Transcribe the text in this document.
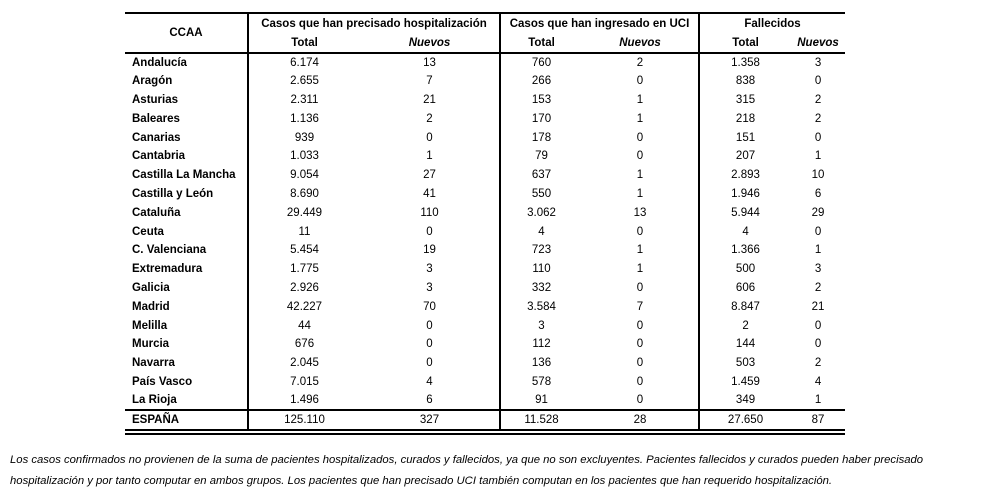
CCAA	Casos que han precisado hospitalización		Casos que han ingresado en UCI		Fallecidos	
	Total	Nuevos	Total	Nuevos	Total	Nuevos
Andalucía	6.174	13	760	2	1.358	3
Aragón	2.655	7	266	0	838	0
Asturias	2.311	21	153	1	315	2
Baleares	1.136	2	170	1	218	2
Canarias	939	0	178	0	151	0
Cantabria	1.033	1	79	0	207	1
Castilla La Mancha	9.054	27	637	1	2.893	10
Castilla y León	8.690	41	550	1	1.946	6
Cataluña	29.449	110	3.062	13	5.944	29
Ceuta	11	0	4	0	4	0
C. Valenciana	5.454	19	723	1	1.366	1
Extremadura	1.775	3	110	1	500	3
Galicia	2.926	3	332	0	606	2
Madrid	42.227	70	3.584	7	8.847	21
Melilla	44	0	3	0	2	0
Murcia	676	0	112	0	144	0
Navarra	2.045	0	136	0	503	2
País Vasco	7.015	4	578	0	1.459	4
La Rioja	1.496	6	91	0	349	1
ESPAÑA	125.110	327	11.528	28	27.650	87

Los casos confirmados no provienen de la suma de pacientes hospitalizados, curados y fallecidos, ya que no son excluyentes. Pacientes fallecidos y curados pueden haber precisado hospitalización y por tanto computar en ambos grupos. Los pacientes que han precisado UCI también computan en los pacientes que han requerido hospitalización.
